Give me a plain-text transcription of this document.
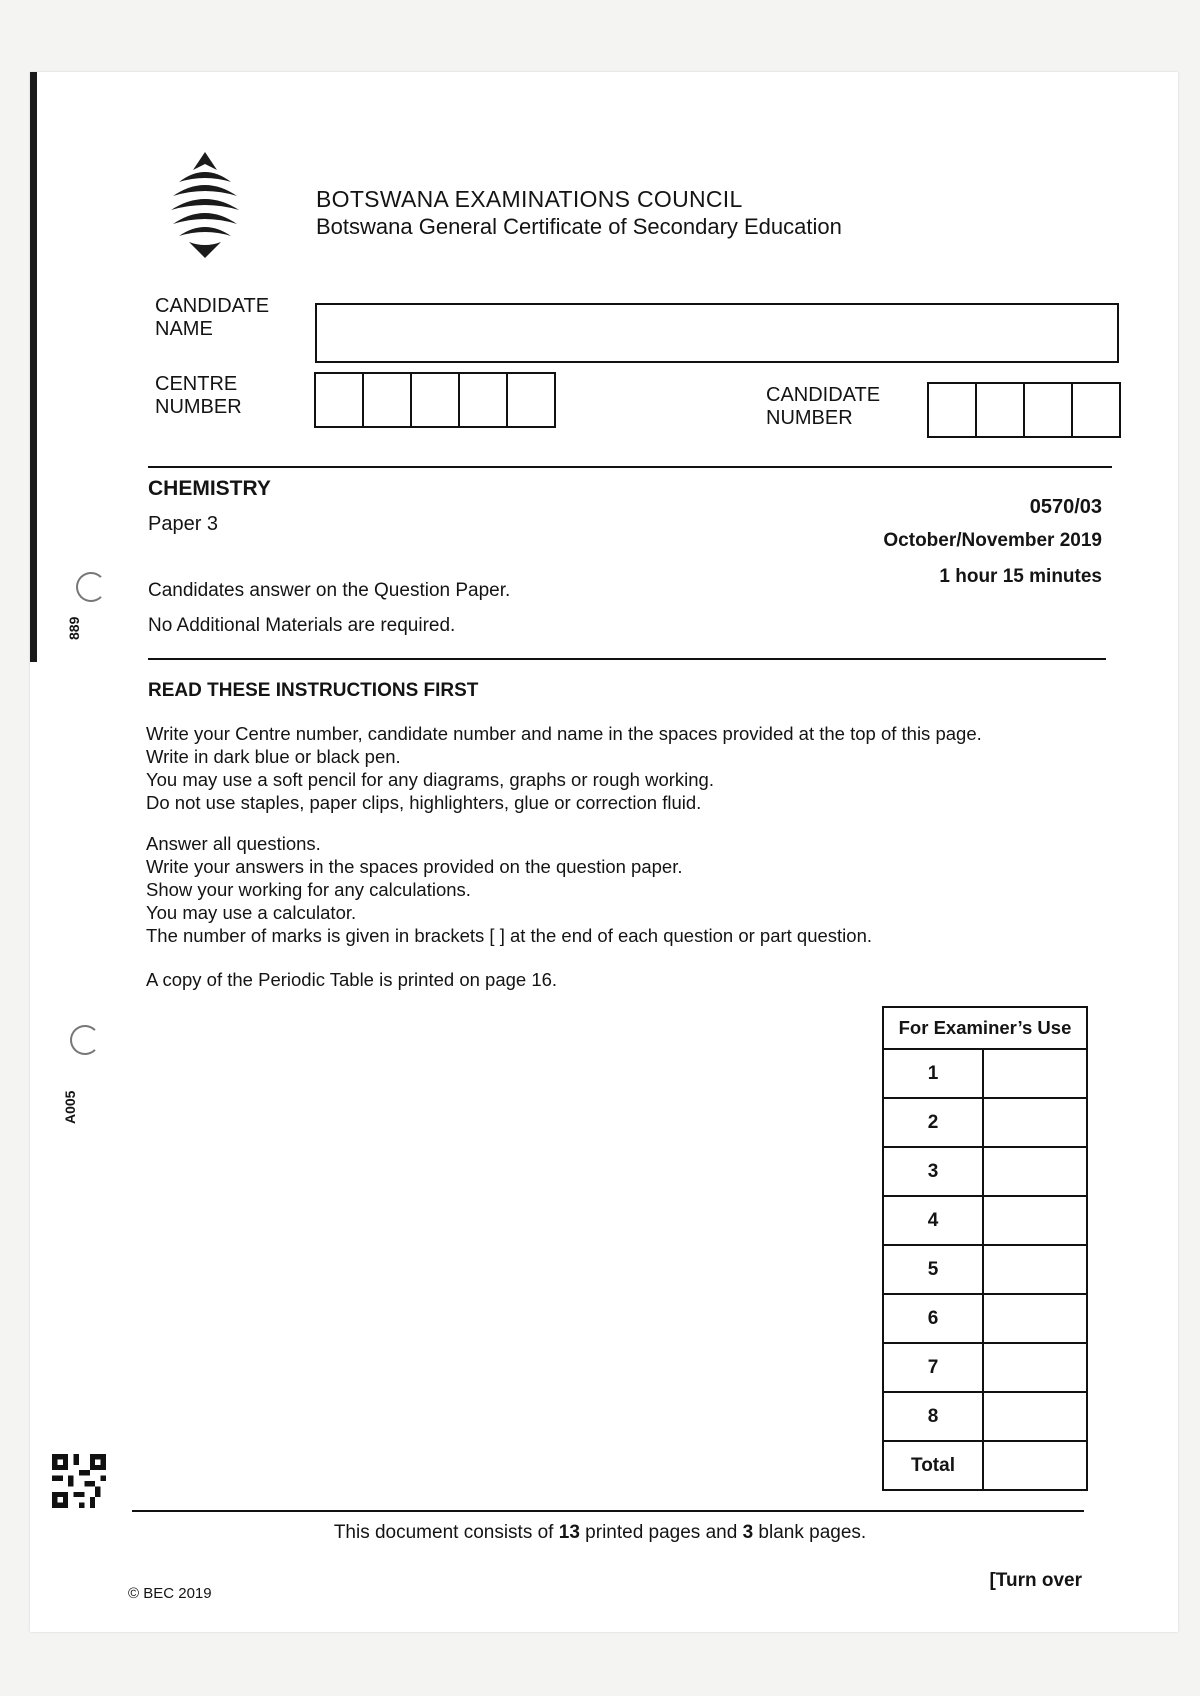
BOTSWANA EXAMINATIONS COUNCIL
Botswana General Certificate of Secondary Education
CANDIDATE
NAME
CENTRE
NUMBER
CANDIDATE
NUMBER
CHEMISTRY
Paper 3
0570/03
October/November 2019
1 hour 15 minutes
Candidates answer on the Question Paper.
No Additional Materials are required.
READ THESE INSTRUCTIONS FIRST
Write your Centre number, candidate number and name in the spaces provided at the top of this page.
Write in dark blue or black pen.
You may use a soft pencil for any diagrams, graphs or rough working.
Do not use staples, paper clips, highlighters, glue or correction fluid.
Answer all questions.
Write your answers in the spaces provided on the question paper.
Show your working for any calculations.
You may use a calculator.
The number of marks is given in brackets [ ] at the end of each question or part question.
A copy of the Periodic Table is printed on page 16.
For Examiner’s Use	
1	
2	
3	
4	
5	
6	
7	
8	
Total	
This document consists of 13 printed pages and 3 blank pages.
© BEC 2019
[Turn over
889
A005
